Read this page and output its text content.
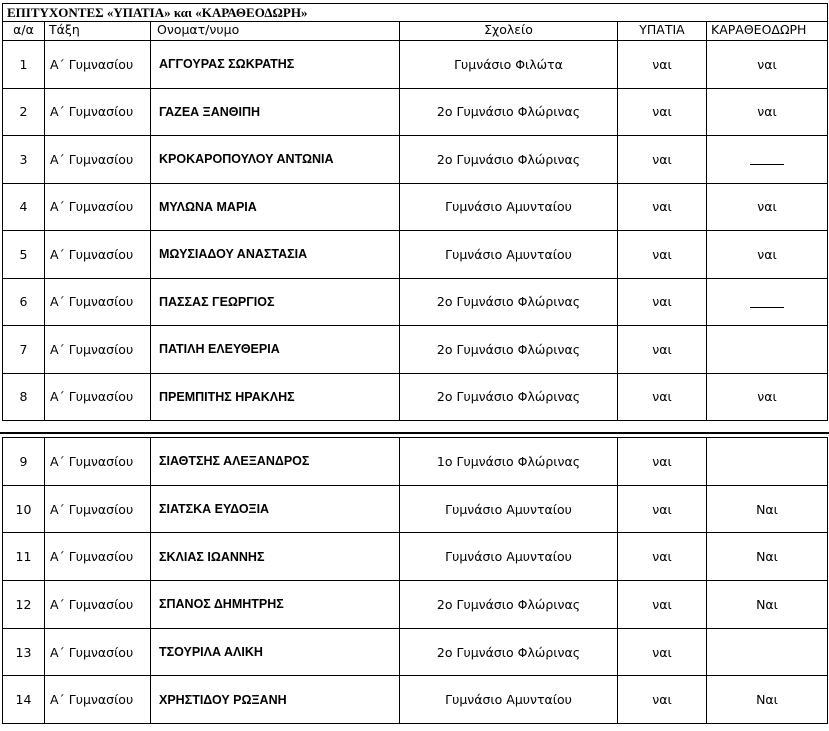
ΕΠΙΤΥΧΟΝΤΕΣ «ΥΠΑΤΙΑ» και «ΚΑΡΑΘΕΟΔΩΡΗ»					
α/α	Τάξη	Ονοματ/νυμο	Σχολείο	ΥΠΑΤΙΑ	ΚΑΡΑΘΕΟΔΩΡΗ
1	Α΄ Γυμνασίου	ΑΓΓΟΥΡΑΣ ΣΩΚΡΑΤΗΣ	Γυμνάσιο Φιλώτα	ναι	ναι
2	Α΄ Γυμνασίου	ΓΑΖΕΑ ΞΑΝΘΙΠΗ	2ο Γυμνάσιο Φλώρινας	ναι	ναι
3	Α΄ Γυμνασίου	ΚΡΟΚΑΡΟΠΟΥΛΟΥ ΑΝΤΩΝΙΑ	2ο Γυμνάσιο Φλώρινας	ναι	
4	Α΄ Γυμνασίου	ΜΥΛΩΝΑ ΜΑΡΙΑ	Γυμνάσιο Αμυνταίου	ναι	ναι
5	Α΄ Γυμνασίου	ΜΩΥΣΙΑΔΟΥ ΑΝΑΣΤΑΣΙΑ	Γυμνάσιο Αμυνταίου	ναι	ναι
6	Α΄ Γυμνασίου	ΠΑΣΣΑΣ ΓΕΩΡΓΙΟΣ	2ο Γυμνάσιο Φλώρινας	ναι	
7	Α΄ Γυμνασίου	ΠΑΤΙΛΗ ΕΛΕΥΘΕΡΙΑ	2ο Γυμνάσιο Φλώρινας	ναι	
8	Α΄ Γυμνασίου	ΠΡΕΜΠΙΤΗΣ ΗΡΑΚΛΗΣ	2ο Γυμνάσιο Φλώρινας	ναι	ναι
9	Α΄ Γυμνασίου	ΣΙΑΘΤΣΗΣ ΑΛΕΞΑΝΔΡΟΣ	1ο Γυμνάσιο Φλώρινας	ναι	
10	Α΄ Γυμνασίου	ΣΙΑΤΣΚΑ ΕΥΔΟΞΙΑ	Γυμνάσιο Αμυνταίου	ναι	Ναι
11	Α΄ Γυμνασίου	ΣΚΛΙΑΣ ΙΩΑΝΝΗΣ	Γυμνάσιο Αμυνταίου	ναι	Ναι
12	Α΄ Γυμνασίου	ΣΠΑΝΟΣ ΔΗΜΗΤΡΗΣ	2ο Γυμνάσιο Φλώρινας	ναι	Ναι
13	Α΄ Γυμνασίου	ΤΣΟΥΡΙΛΑ ΑΛΙΚΗ	2ο Γυμνάσιο Φλώρινας	ναι	
14	Α΄ Γυμνασίου	ΧΡΗΣΤΙΔΟΥ ΡΩΞΑΝΗ	Γυμνάσιο Αμυνταίου	ναι	Ναι
